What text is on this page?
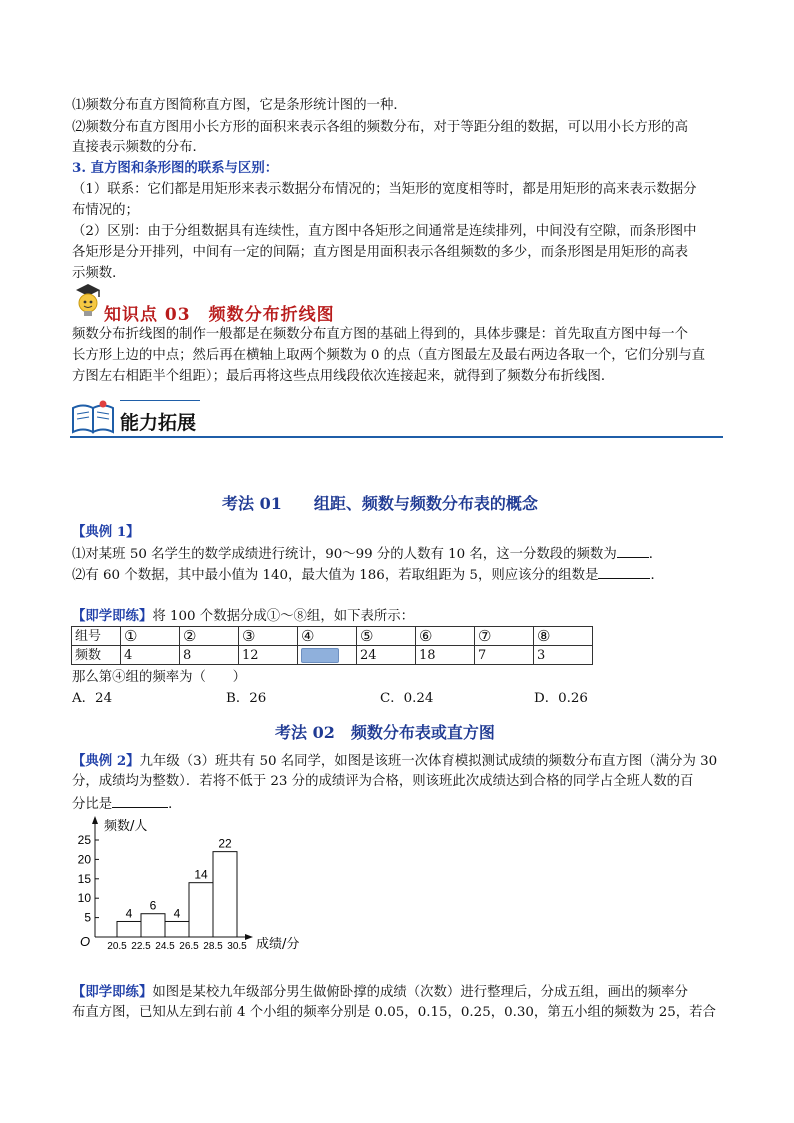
⑴频数分布直方图简称直方图，它是条形统计图的一种．
⑵频数分布直方图用小长方形的面积来表示各组的频数分布，对于等距分组的数据，可以用小长方形的高
直接表示频数的分布．
3. 直方图和条形图的联系与区别：
（1）联系：它们都是用矩形来表示数据分布情况的；当矩形的宽度相等时，都是用矩形的高来表示数据分
布情况的；
（2）区别：由于分组数据具有连续性，直方图中各矩形之间通常是连续排列，中间没有空隙，而条形图中
各矩形是分开排列，中间有一定的间隔；直方图是用面积表示各组频数的多少，而条形图是用矩形的高表
示频数．
知识点 03　频数分布折线图
频数分布折线图的制作一般都是在频数分布直方图的基础上得到的，具体步骤是：首先取直方图中每一个
长方形上边的中点；然后再在横轴上取两个频数为 0 的点（直方图最左及最右两边各取一个，它们分别与直
方图左右相距半个组距）；最后再将这些点用线段依次连接起来，就得到了频数分布折线图．
能力拓展
考法 01　　组距、频数与频数分布表的概念
【典例 1】
⑴对某班 50 名学生的数学成绩进行统计，90～99 分的人数有 10 名，这一分数段的频数为 ．
⑵有 60 个数据，其中最小值为 140，最大值为 186，若取组距为 5，则应该分的组数是	．
【即学即练】将 100 个数据分成①～⑧组，如下表所示：
组号	①	②	③	④	⑤	⑥	⑦	⑧
频数	4	8	12		24	18	7	3
那么第④组的频率为（　　）
A．24	B．26	C．0.24	D．0.26
考法 02　频数分布表或直方图
【典例 2】九年级（3）班共有 50 名同学，如图是该班一次体育模拟测试成绩的频数分布直方图（满分为 30
分，成绩均为整数）．若将不低于 23 分的成绩评为合格，则该班此次成绩达到合格的同学占全班人数的百
分比是	．
4
6
4
14
22
5
10
15
20
25
20.5 22.5 24.5 26.5 28.5 30.5
频数/人
成绩/分
O
【即学即练】如图是某校九年级部分男生做俯卧撑的成绩（次数）进行整理后，分成五组，画出的频率分
布直方图，已知从左到右前 4 个小组的频率分别是 0.05，0.15，0.25，0.30，第五小组的频数为 25，若合
